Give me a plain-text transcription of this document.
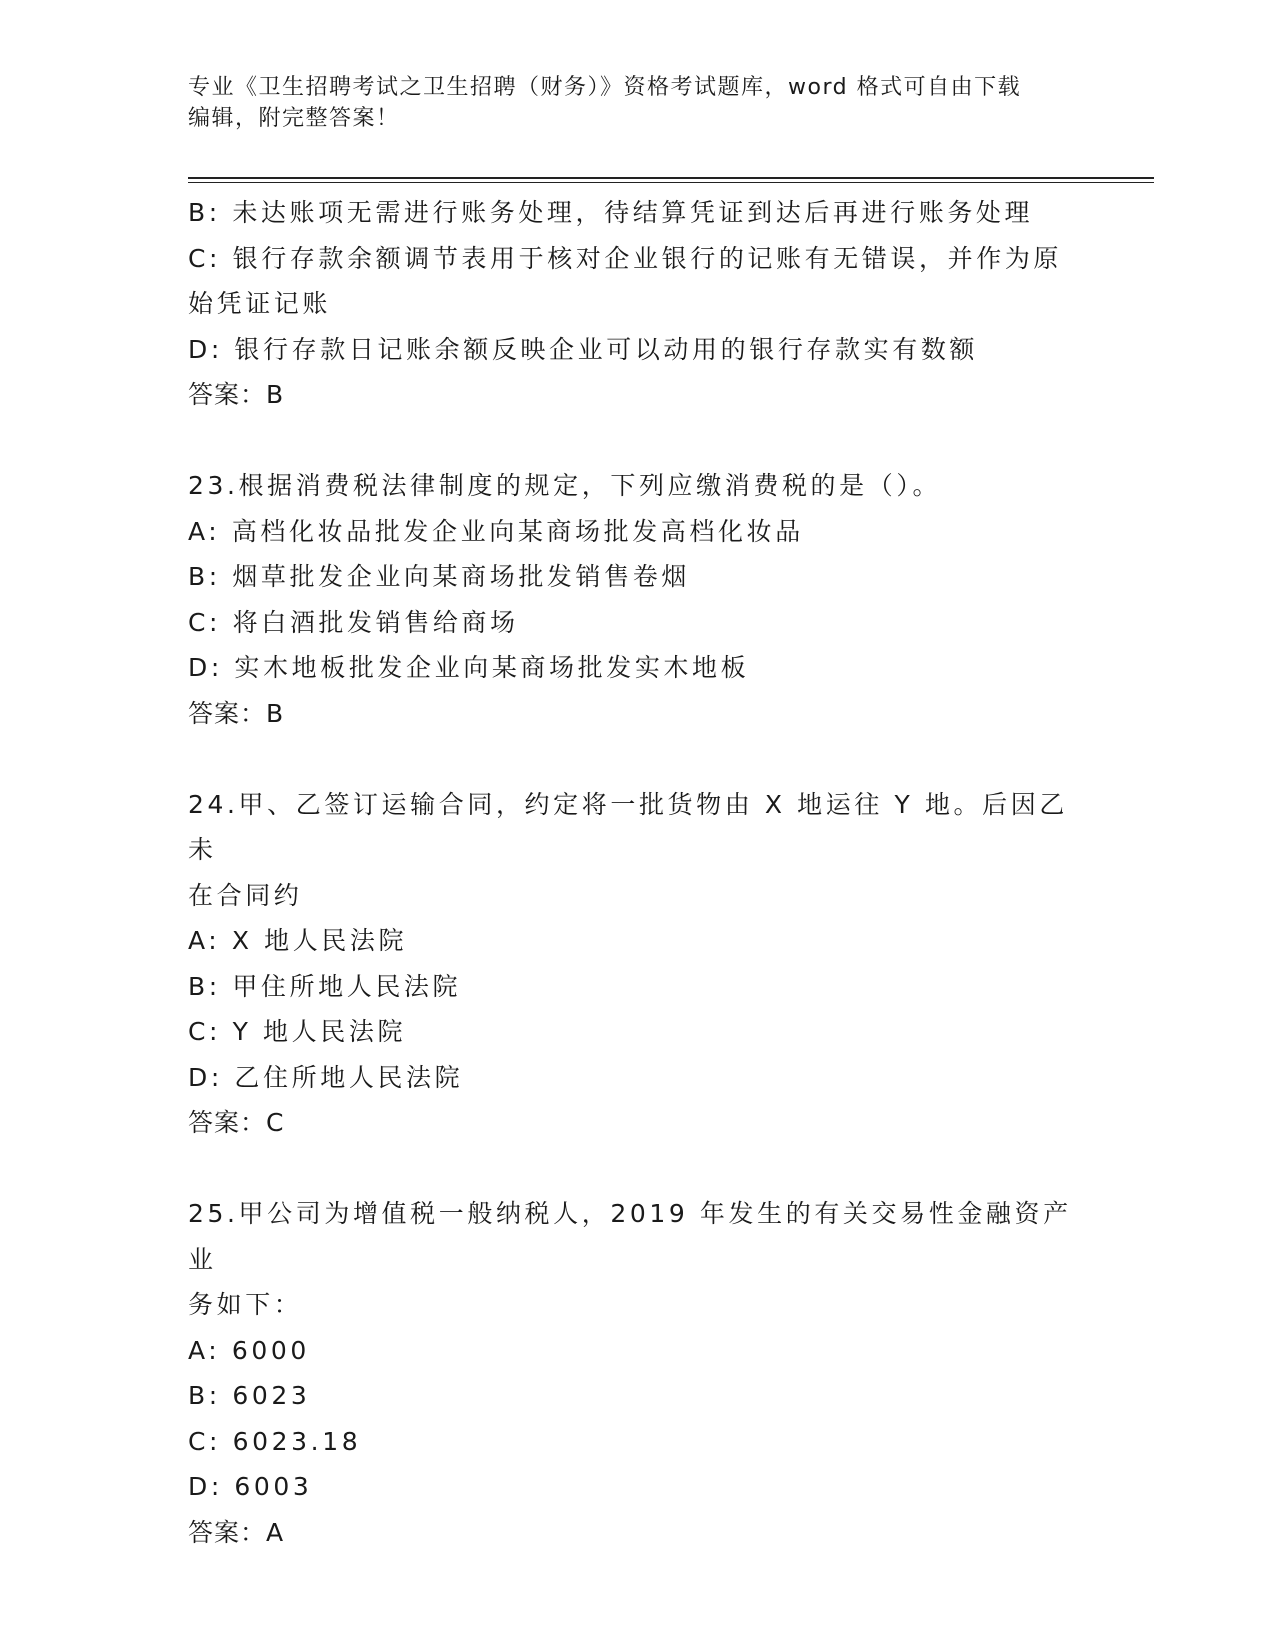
专业《卫生招聘考试之卫生招聘（财务）》资格考试题库，word 格式可自由下载
编辑，附完整答案！

B: 未达账项无需进行账务处理，待结算凭证到达后再进行账务处理

C: 银行存款余额调节表用于核对企业银行的记账有无错误，并作为原

始凭证记账

D: 银行存款日记账余额反映企业可以动用的银行存款实有数额

答案：B

23.根据消费税法律制度的规定，下列应缴消费税的是（）。

A: 高档化妆品批发企业向某商场批发高档化妆品

B: 烟草批发企业向某商场批发销售卷烟

C: 将白酒批发销售给商场

D: 实木地板批发企业向某商场批发实木地板

答案：B

24.甲、乙签订运输合同，约定将一批货物由 X 地运往 Y 地。后因乙未

在合同约

A: X 地人民法院

B: 甲住所地人民法院

C: Y 地人民法院

D: 乙住所地人民法院

答案：C

25.甲公司为增值税一般纳税人，2019 年发生的有关交易性金融资产业

务如下：

A: 6000

B: 6023

C: 6023.18

D: 6003

答案：A
